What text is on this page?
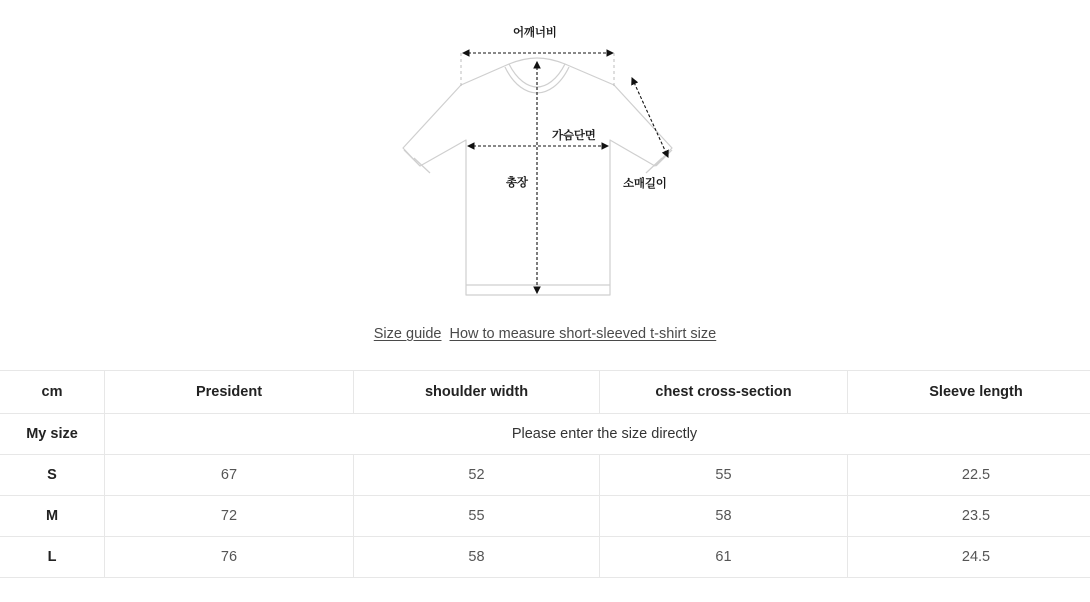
어깨너비
가슴단면
총장	소매길이
Size guide How to measure short-sleeved t-shirt size
cm	President	shoulder width	chest cross-section	Sleeve length
My size	Please enter the size directly			
S	67	52	55	22.5
M	72	55	58	23.5
L	76	58	61	24.5
